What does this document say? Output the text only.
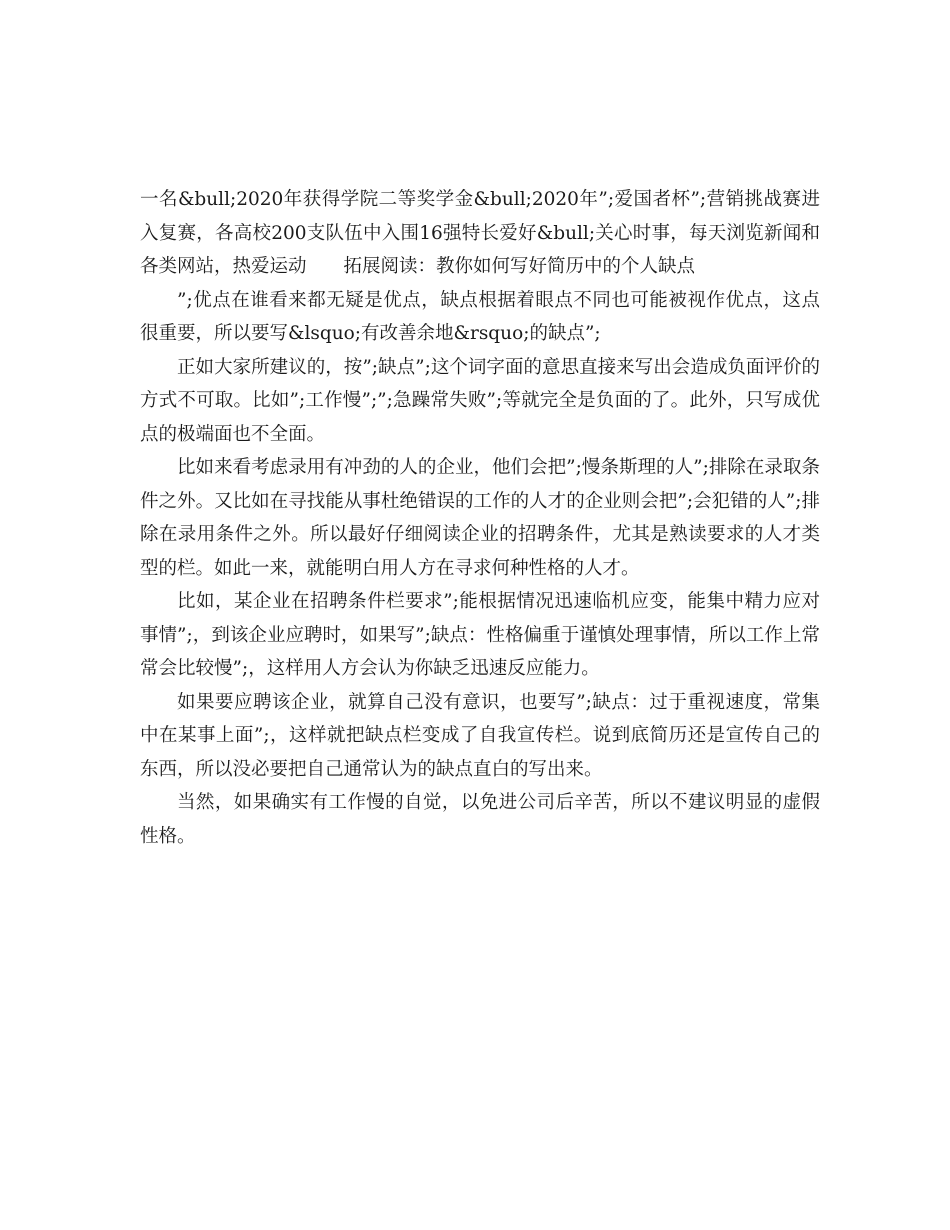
一名&bull;2020年获得学院二等奖学金&bull;2020年”;爱国者杯”;营销挑战赛进入复赛，各高校200支队伍中入围16强特长爱好&bull;关心时事，每天浏览新闻和各类网站，热爱运动　　拓展阅读：教你如何写好简历中的个人缺点

”;优点在谁看来都无疑是优点，缺点根据着眼点不同也可能被视作优点，这点很重要，所以要写&lsquo;有改善余地&rsquo;的缺点”;

正如大家所建议的，按”;缺点”;这个词字面的意思直接来写出会造成负面评价的方式不可取。比如”;工作慢”;”;急躁常失败”;等就完全是负面的了。此外，只写成优点的极端面也不全面。

比如来看考虑录用有冲劲的人的企业，他们会把”;慢条斯理的人”;排除在录取条件之外。又比如在寻找能从事杜绝错误的工作的人才的企业则会把”;会犯错的人”;排除在录用条件之外。所以最好仔细阅读企业的招聘条件，尤其是熟读要求的人才类型的栏。如此一来，就能明白用人方在寻求何种性格的人才。

比如，某企业在招聘条件栏要求”;能根据情况迅速临机应变，能集中精力应对事情”;，到该企业应聘时，如果写”;缺点：性格偏重于谨慎处理事情，所以工作上常常会比较慢”;，这样用人方会认为你缺乏迅速反应能力。

如果要应聘该企业，就算自己没有意识，也要写”;缺点：过于重视速度，常集中在某事上面”;，这样就把缺点栏变成了自我宣传栏。说到底简历还是宣传自己的东西，所以没必要把自己通常认为的缺点直白的写出来。

当然，如果确实有工作慢的自觉，以免进公司后辛苦，所以不建议明显的虚假性格。
